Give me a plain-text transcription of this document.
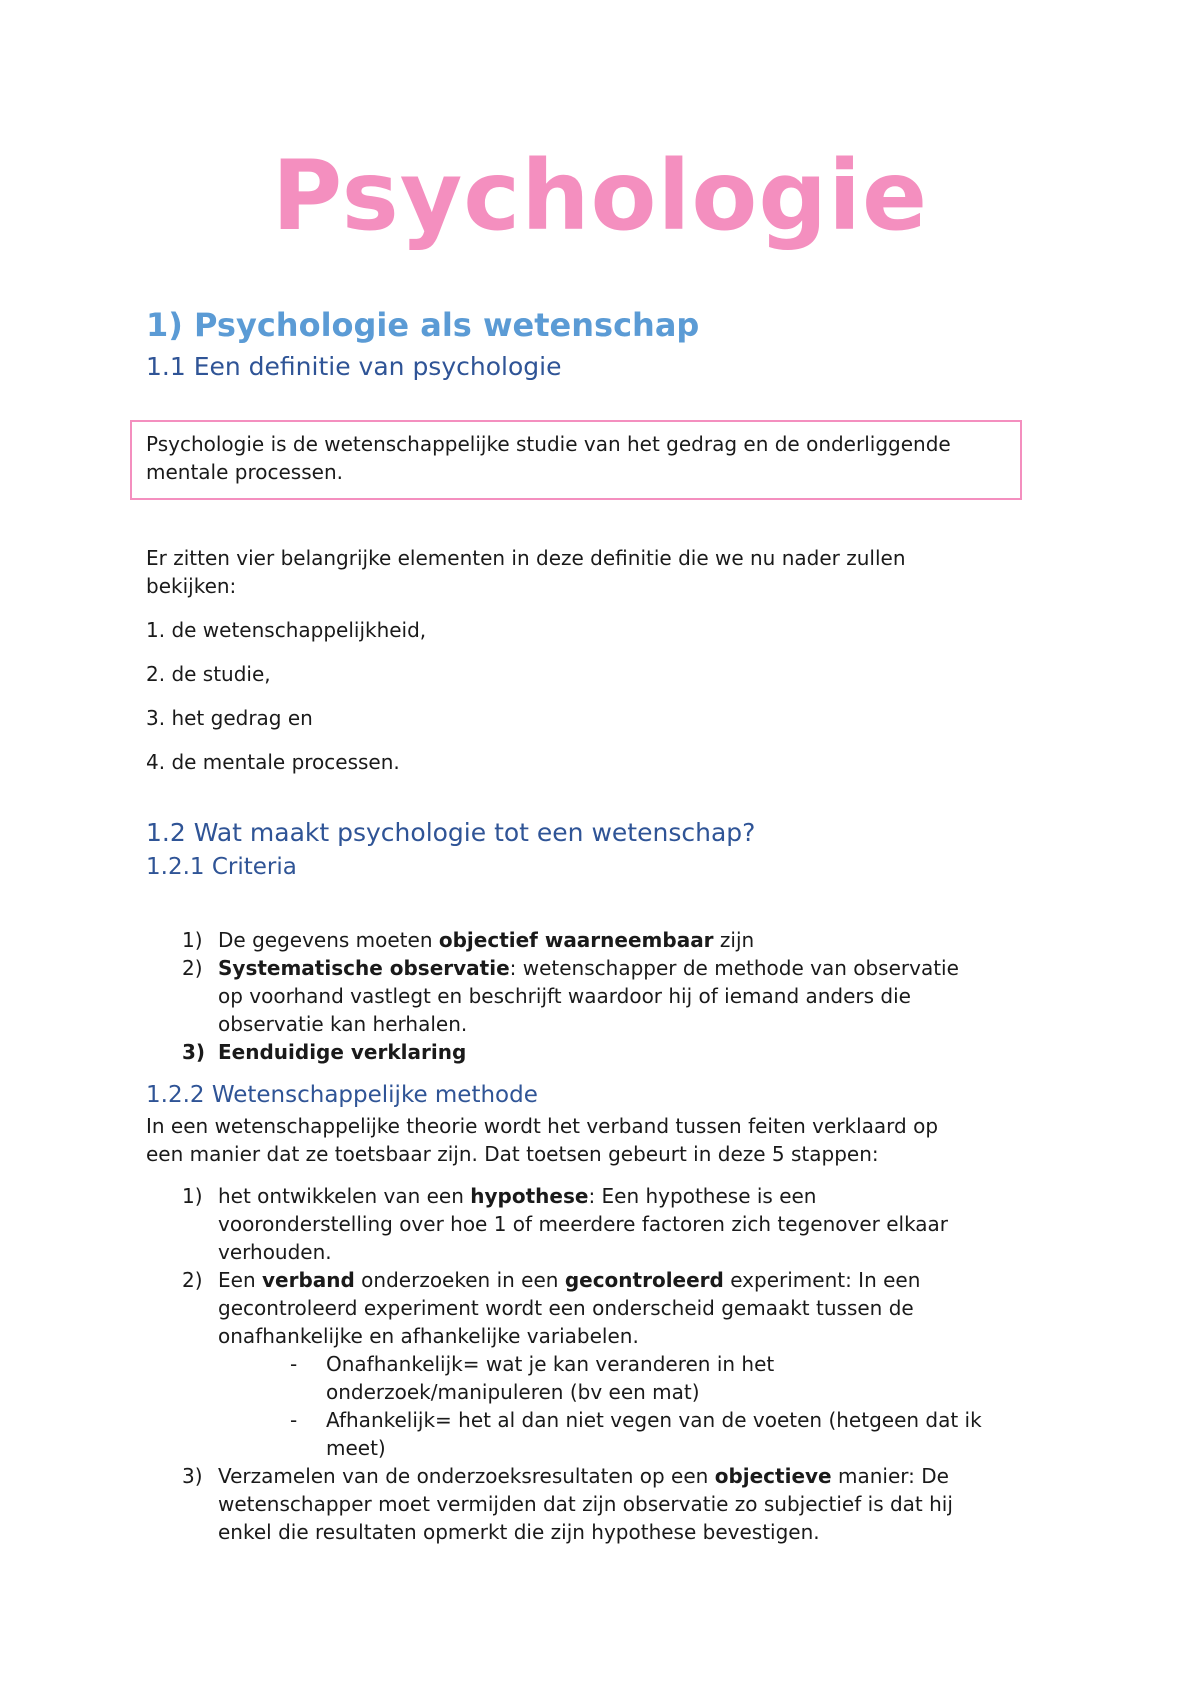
Psychologie
1) Psychologie als wetenschap
1.1 Een definitie van psychologie
Psychologie is de wetenschappelijke studie van het gedrag en de onderliggende
mentale processen.
Er zitten vier belangrijke elementen in deze definitie die we nu nader zullen
bekijken:
1. de wetenschappelijkheid,
2. de studie,
3. het gedrag en
4. de mentale processen.
1.2 Wat maakt psychologie tot een wetenschap?
1.2.1 Criteria
1) De gegevens moeten objectief waarneembaar zijn
2) Systematische observatie: wetenschapper de methode van observatie
op voorhand vastlegt en beschrijft waardoor hij of iemand anders die
observatie kan herhalen.
3) Eenduidige verklaring
1.2.2 Wetenschappelijke methode
In een wetenschappelijke theorie wordt het verband tussen feiten verklaard op
een manier dat ze toetsbaar zijn. Dat toetsen gebeurt in deze 5 stappen:
1) het ontwikkelen van een hypothese: Een hypothese is een
vooronderstelling over hoe 1 of meerdere factoren zich tegenover elkaar
verhouden.
2) Een verband onderzoeken in een gecontroleerd experiment: In een
gecontroleerd experiment wordt een onderscheid gemaakt tussen de
onafhankelijke en afhankelijke variabelen.
- Onafhankelijk= wat je kan veranderen in het
onderzoek/manipuleren (bv een mat)
- Afhankelijk= het al dan niet vegen van de voeten (hetgeen dat ik
meet)
3) Verzamelen van de onderzoeksresultaten op een objectieve manier: De
wetenschapper moet vermijden dat zijn observatie zo subjectief is dat hij
enkel die resultaten opmerkt die zijn hypothese bevestigen.
